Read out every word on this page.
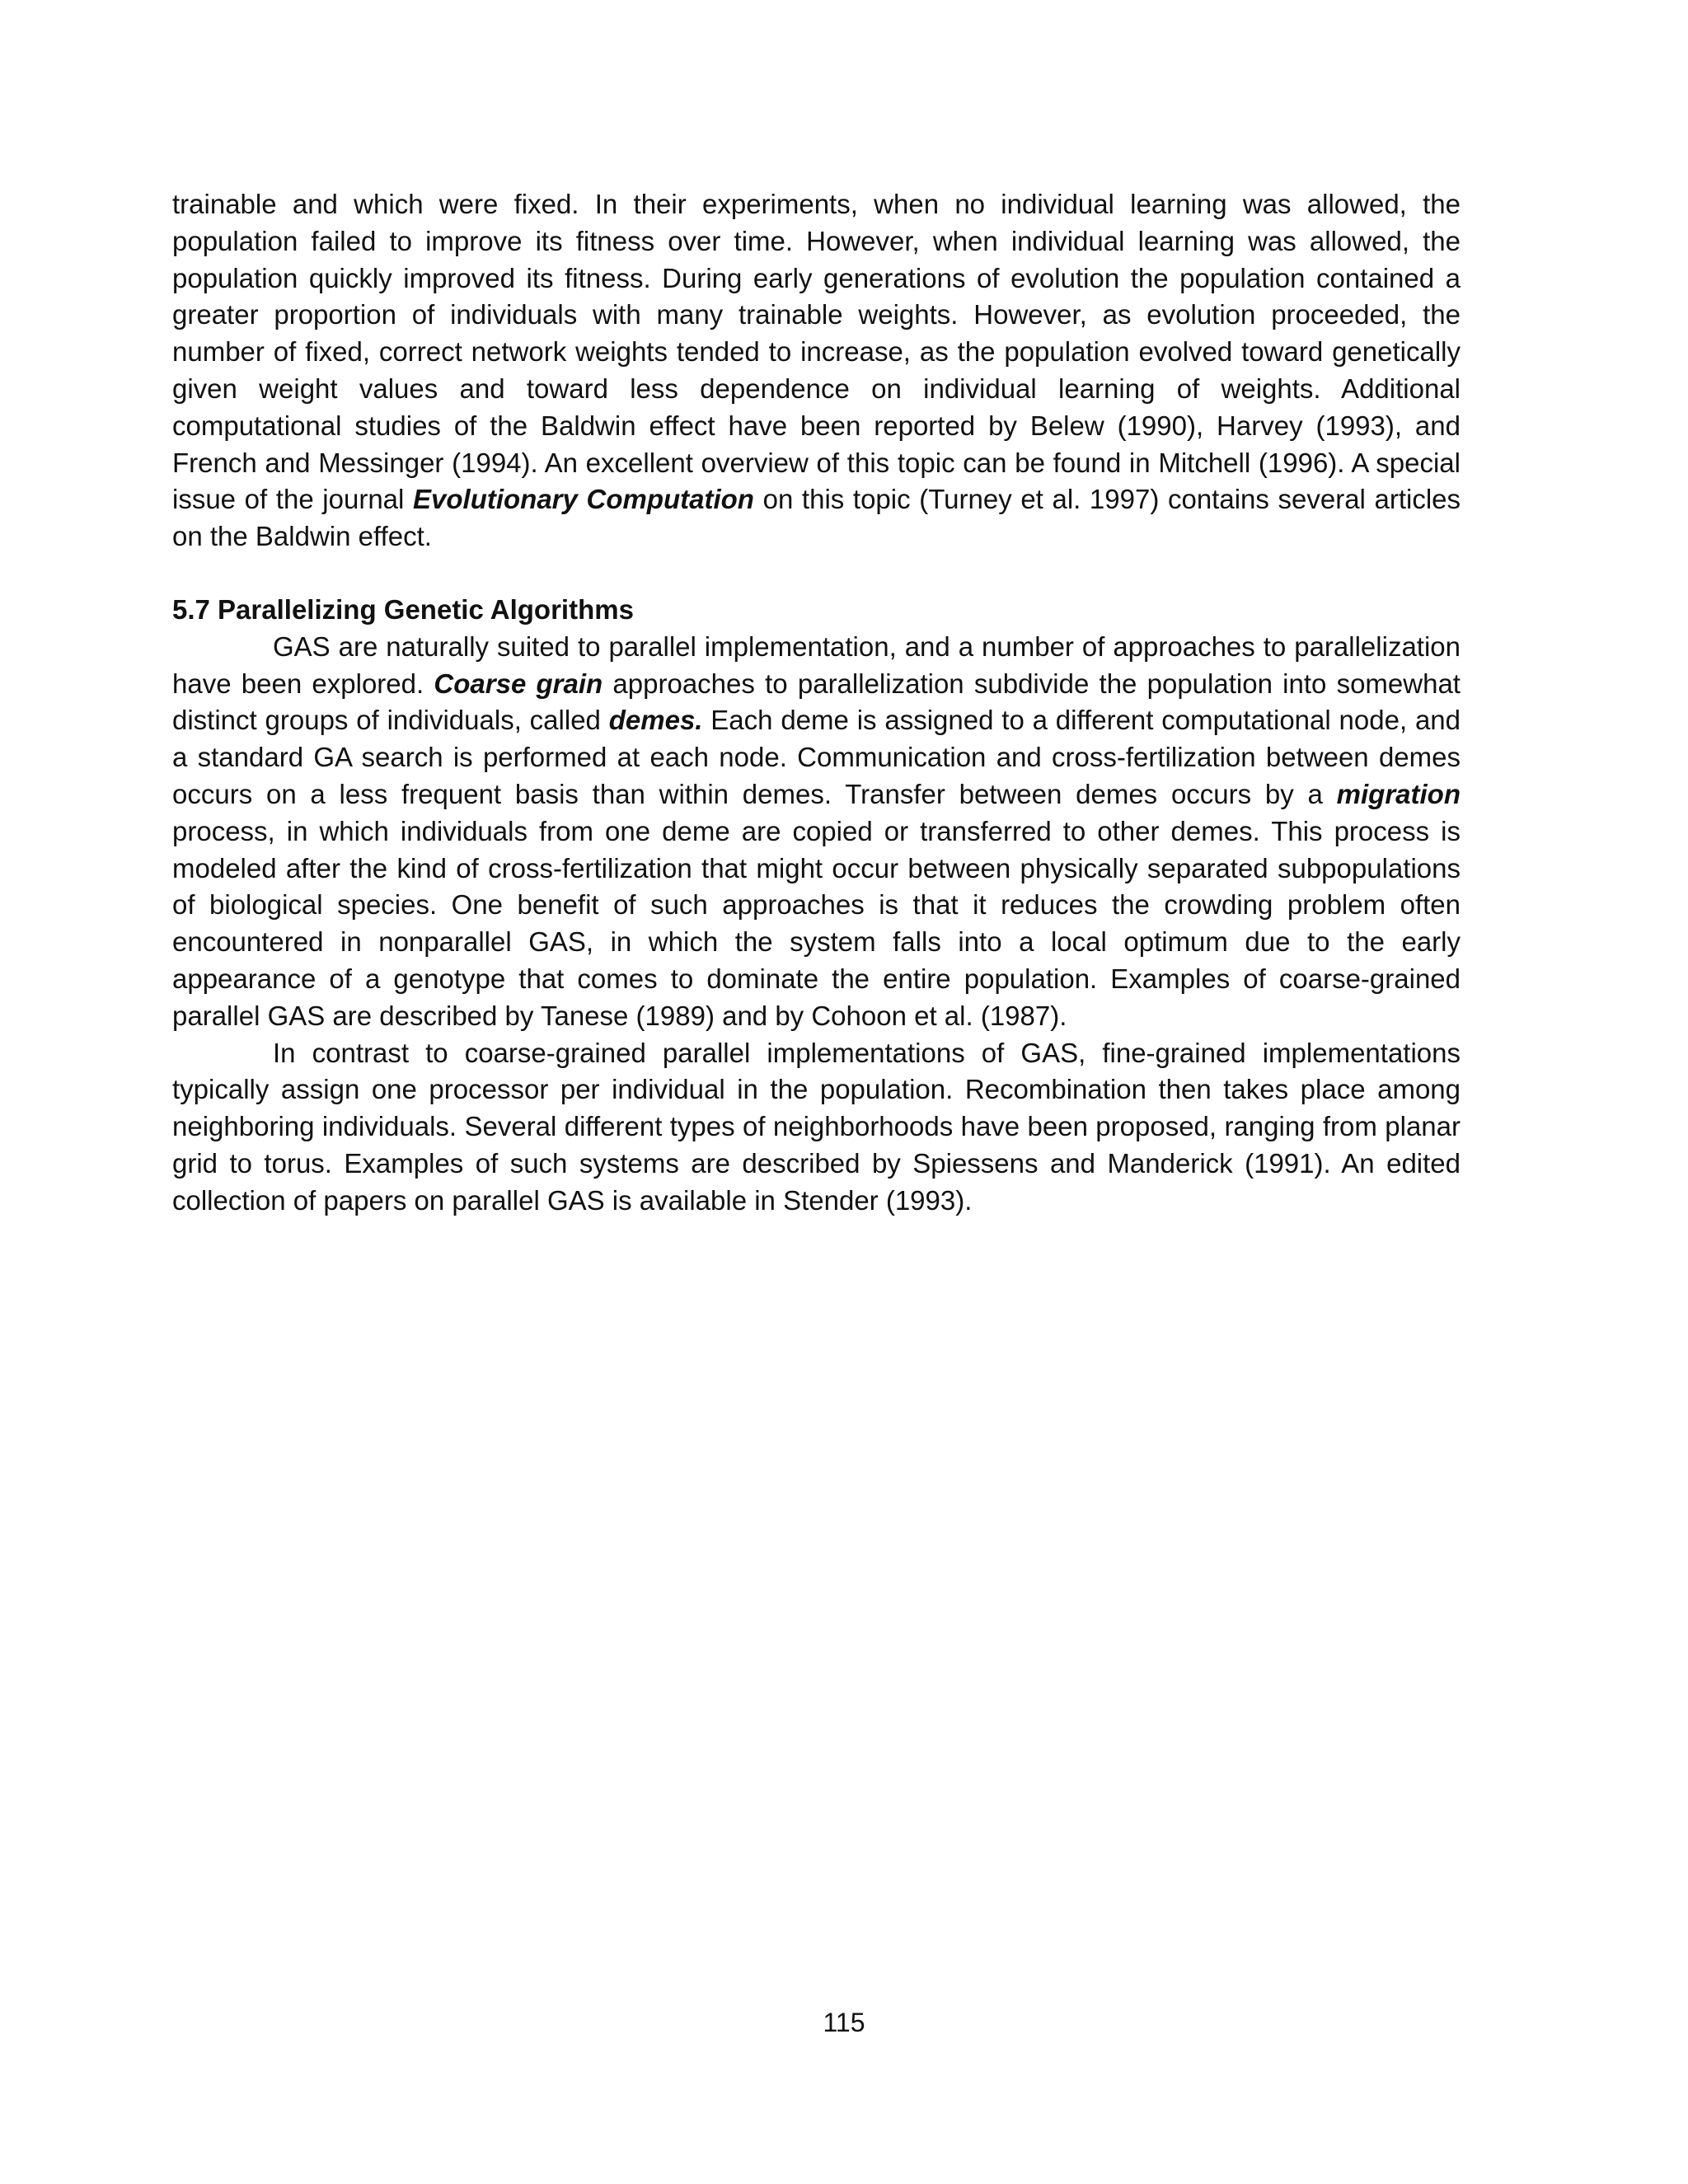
trainable and which were fixed. In their experiments, when no individual learning was allowed, the population failed to improve its fitness over time. However, when individual learning was allowed, the population quickly improved its fitness. During early generations of evolution the population contained a greater proportion of individuals with many trainable weights. However, as evolution proceeded, the number of fixed, correct network weights tended to increase, as the population evolved toward genetically given weight values and toward less dependence on individual learning of weights. Additional computational studies of the Baldwin effect have been reported by Belew (1990), Harvey (1993), and French and Messinger (1994). An excellent overview of this topic can be found in Mitchell (1996). A special issue of the journal Evolutionary Computation on this topic (Turney et al. 1997) contains several articles on the Baldwin effect.

5.7 Parallelizing Genetic Algorithms

GAS are naturally suited to parallel implementation, and a number of approaches to parallelization have been explored. Coarse grain approaches to parallelization subdivide the population into somewhat distinct groups of individuals, called demes. Each deme is assigned to a different computational node, and a standard GA search is performed at each node. Communication and cross-fertilization between demes occurs on a less frequent basis than within demes. Transfer between demes occurs by a migration process, in which individuals from one deme are copied or transferred to other demes. This process is modeled after the kind of cross-fertilization that might occur between physically separated subpopulations of biological species. One benefit of such approaches is that it reduces the crowding problem often encountered in nonparallel GAS, in which the system falls into a local optimum due to the early appearance of a genotype that comes to dominate the entire population. Examples of coarse-grained parallel GAS are described by Tanese (1989) and by Cohoon et al. (1987).

In contrast to coarse-grained parallel implementations of GAS, fine-grained implementations typically assign one processor per individual in the population. Recombination then takes place among neighboring individuals. Several different types of neighborhoods have been proposed, ranging from planar grid to torus. Examples of such systems are described by Spiessens and Manderick (1991). An edited collection of papers on parallel GAS is available in Stender (1993).

115
